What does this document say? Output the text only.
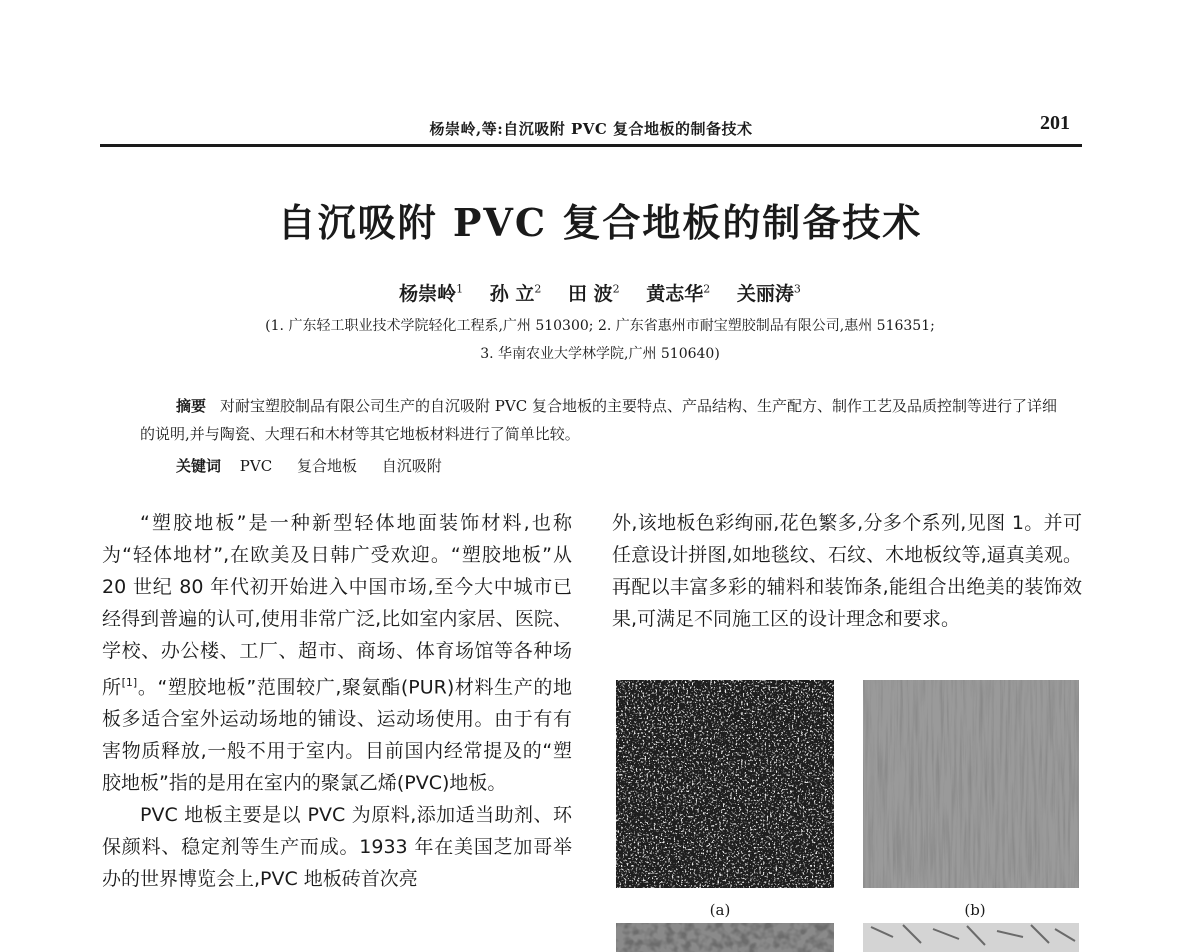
杨崇岭,等:自沉吸附 PVC 复合地板的制备技术	201
自沉吸附 PVC 复合地板的制备技术
杨崇岭$^1$ 孙 立$^2$ 田 波$^2$ 黄志华$^2$ 关丽涛$^3$
(1. 广东轻工职业技术学院轻化工程系,广州 510300; 2. 广东省惠州市耐宝塑胶制品有限公司,惠州 516351;
3. 华南农业大学林学院,广州 510640)
摘要 对耐宝塑胶制品有限公司生产的自沉吸附 PVC 复合地板的主要特点、产品结构、生产配方、制作工艺及品质控制等进行了详细的说明,并与陶瓷、大理石和木材等其它地板材料进行了简单比较。
关键词 PVC 复合地板 自沉吸附

“塑胶地板”是一种新型轻体地面装饰材料,也称为“轻体地材”,在欧美及日韩广受欢迎。“塑胶地板”从 20 世纪 80 年代初开始进入中国市场,至今大中城市已经得到普遍的认可,使用非常广泛,比如室内家居、医院、学校、办公楼、工厂、超市、商场、体育场馆等各种场所[1]。“塑胶地板”范围较广,聚氨酯(PUR)材料生产的地板多适合室外运动场地的铺设、运动场使用。由于有有害物质释放,一般不用于室内。目前国内经常提及的“塑胶地板”指的是用在室内的聚氯乙烯(PVC)地板。

PVC 地板主要是以 PVC 为原料,添加适当助剂、环保颜料、稳定剂等生产而成。1933 年在美国芝加哥举办的世界博览会上,PVC 地板砖首次亮

外,该地板色彩绚丽,花色繁多,分多个系列,见图 1。并可任意设计拼图,如地毯纹、石纹、木地板纹等,逼真美观。再配以丰富多彩的辅料和装饰条,能组合出绝美的装饰效果,可满足不同施工区的设计理念和要求。

(a)	(b)
